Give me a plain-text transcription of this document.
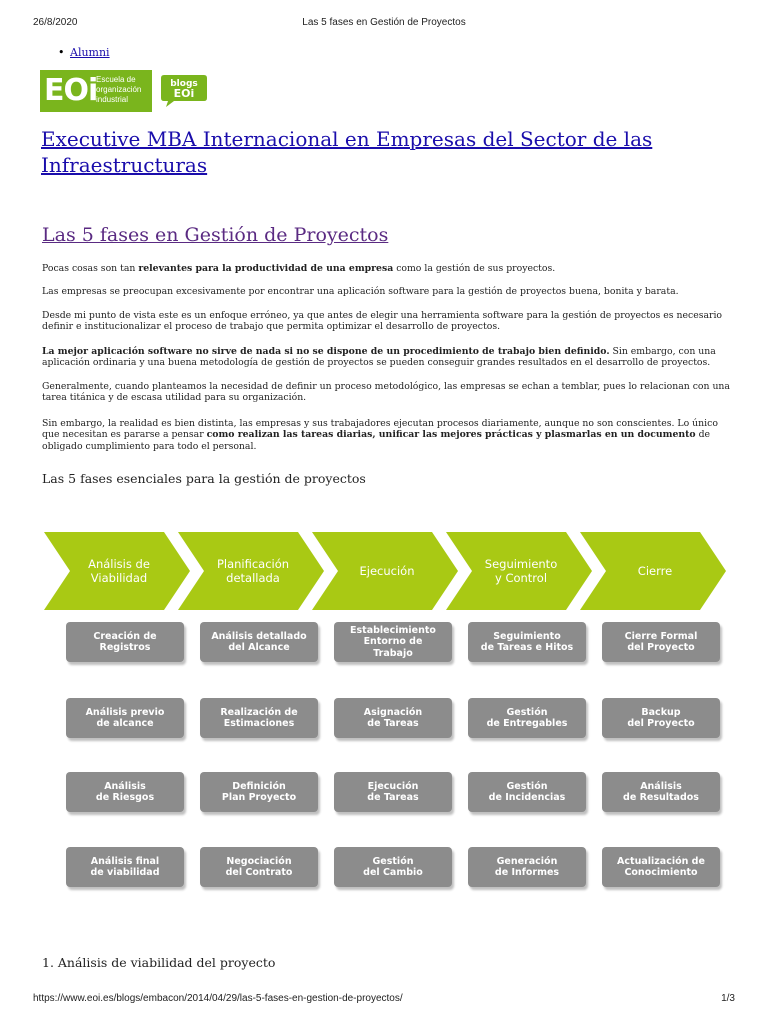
26/8/2020	Las 5 fases en Gestión de Proyectos
• Alumni
EOi
Escuela de organización industrial
blogs
EOi
Executive MBA Internacional en Empresas del Sector de las Infraestructuras
Las 5 fases en Gestión de Proyectos

Pocas cosas son tan relevantes para la productividad de una empresa como la gestión de sus proyectos.

Las empresas se preocupan excesivamente por encontrar una aplicación software para la gestión de proyectos buena, bonita y barata.

Desde mi punto de vista este es un enfoque erróneo, ya que antes de elegir una herramienta software para la gestión de proyectos es necesario definir e institucionalizar el proceso de trabajo que permita optimizar el desarrollo de proyectos.

La mejor aplicación software no sirve de nada si no se dispone de un procedimiento de trabajo bien definido. Sin embargo, con una aplicación ordinaria y una buena metodología de gestión de proyectos se pueden conseguir grandes resultados en el desarrollo de proyectos.

Generalmente, cuando planteamos la necesidad de definir un proceso metodológico, las empresas se echan a temblar, pues lo relacionan con una tarea titánica y de escasa utilidad para su organización.

Sin embargo, la realidad es bien distinta, las empresas y sus trabajadores ejecutan procesos diariamente, aunque no son conscientes. Lo único que necesitan es pararse a pensar como realizan las tareas diarias, unificar las mejores prácticas y plasmarlas en un documento de obligado cumplimiento para todo el personal.

Las 5 fases esenciales para la gestión de proyectos
Análisis de
Viabilidad
Planificación
detallada	Ejecución	Seguimiento
y Control	Cierre
Creación de
Registros
Análisis previo
de alcance
Análisis
de Riesgos
Análisis final
de viabilidad
Análisis detallado
del Alcance
Realización de
Estimaciones
Definición
Plan Proyecto
Negociación
del Contrato
Establecimiento
Entorno de
Trabajo
Asignación
de Tareas
Ejecución
de Tareas
Gestión
del Cambio
Seguimiento
de Tareas e Hitos
Gestión
de Entregables
Gestión
de Incidencias
Generación
de Informes
Cierre Formal
del Proyecto
Backup
del Proyecto
Análisis
de Resultados
Actualización de
Conocimiento
1. Análisis de viabilidad del proyecto
https://www.eoi.es/blogs/embacon/2014/04/29/las-5-fases-en-gestion-de-proyectos/	1/3
